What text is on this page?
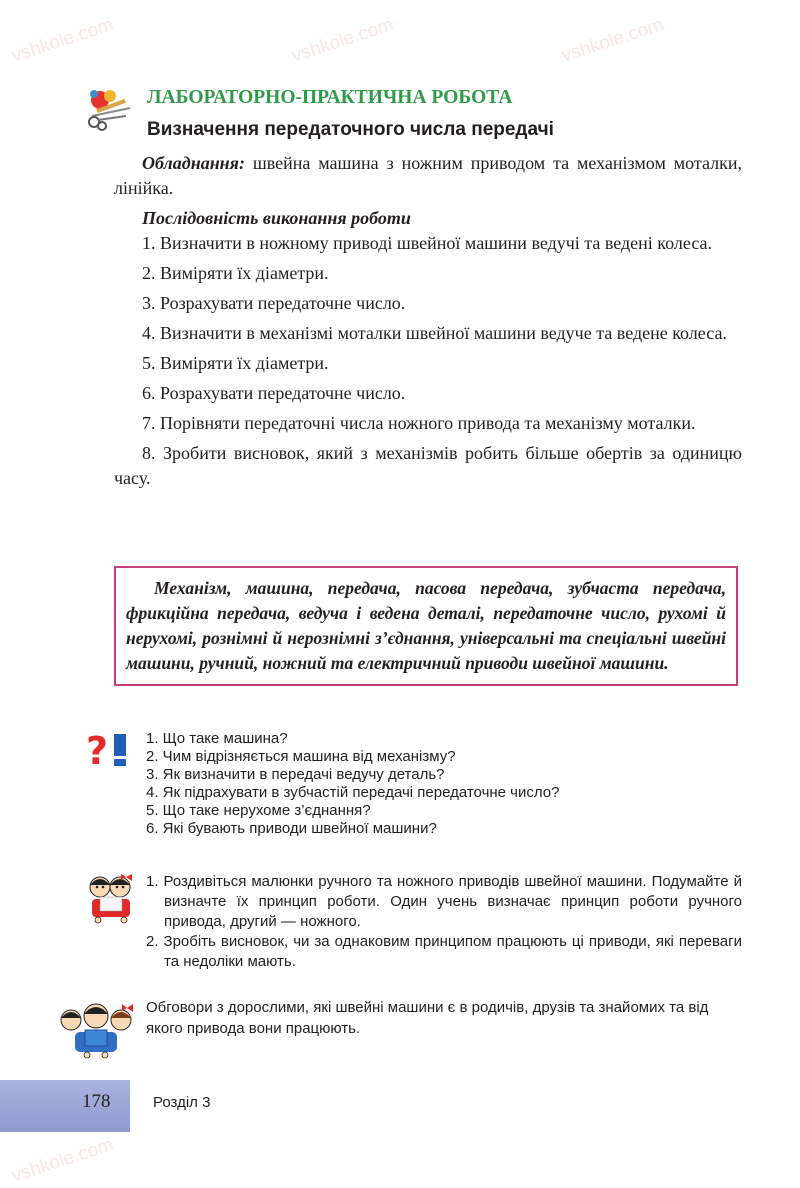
vshkole.com	vshkole.com	vshkole.com
vshkole.com
ЛАБОРАТОРНО-ПРАКТИЧНА РОБОТА
Визначення передаточного числа передачі

Обладнання: швейна машина з ножним приводом та механізмом моталки, лінійка.

Послідовність виконання роботи

1. Визначити в ножному приводі швейної машини ведучі та ведені колеса.

2. Виміряти їх діаметри.

3. Розрахувати передаточне число.

4. Визначити в механізмі моталки швейної машини ведуче та ведене колеса.

5. Виміряти їх діаметри.

6. Розрахувати передаточне число.

7. Порівняти передаточні числа ножного привода та механізму моталки.

8. Зробити висновок, який з механізмів робить більше обертів за одиницю часу.

Механізм, машина, передача, пасова передача, зубчаста передача, фрикційна передача, ведуча і ведена деталі, передаточне число, рухомі й нерухомі, рознімні й нерознімні з’єднання, універсальні та спеціальні швейні машини, ручний, ножний та електричний приводи швейної машини.
?	1. Що таке машина?
2. Чим відрізняється машина від механізму?
3. Як визначити в передачі ведучу деталь?
4. Як підрахувати в зубчастій передачі передаточне число?
5. Що таке нерухоме з’єднання?
6. Які бувають приводи швейної машини?

1. Роздивіться малюнки ручного та ножного приводів швейної машини. Подумайте й визначте їх принцип роботи. Один учень визначає принцип роботи ручного привода, другий — ножного.

2. Зробіть висновок, чи за однаковим принципом працюють ці приводи, які переваги та недоліки мають.

Обговори з дорослими, які швейні машини є в родичів, друзів та знайомих та від якого привода вони працюють.
178	Розділ 3
